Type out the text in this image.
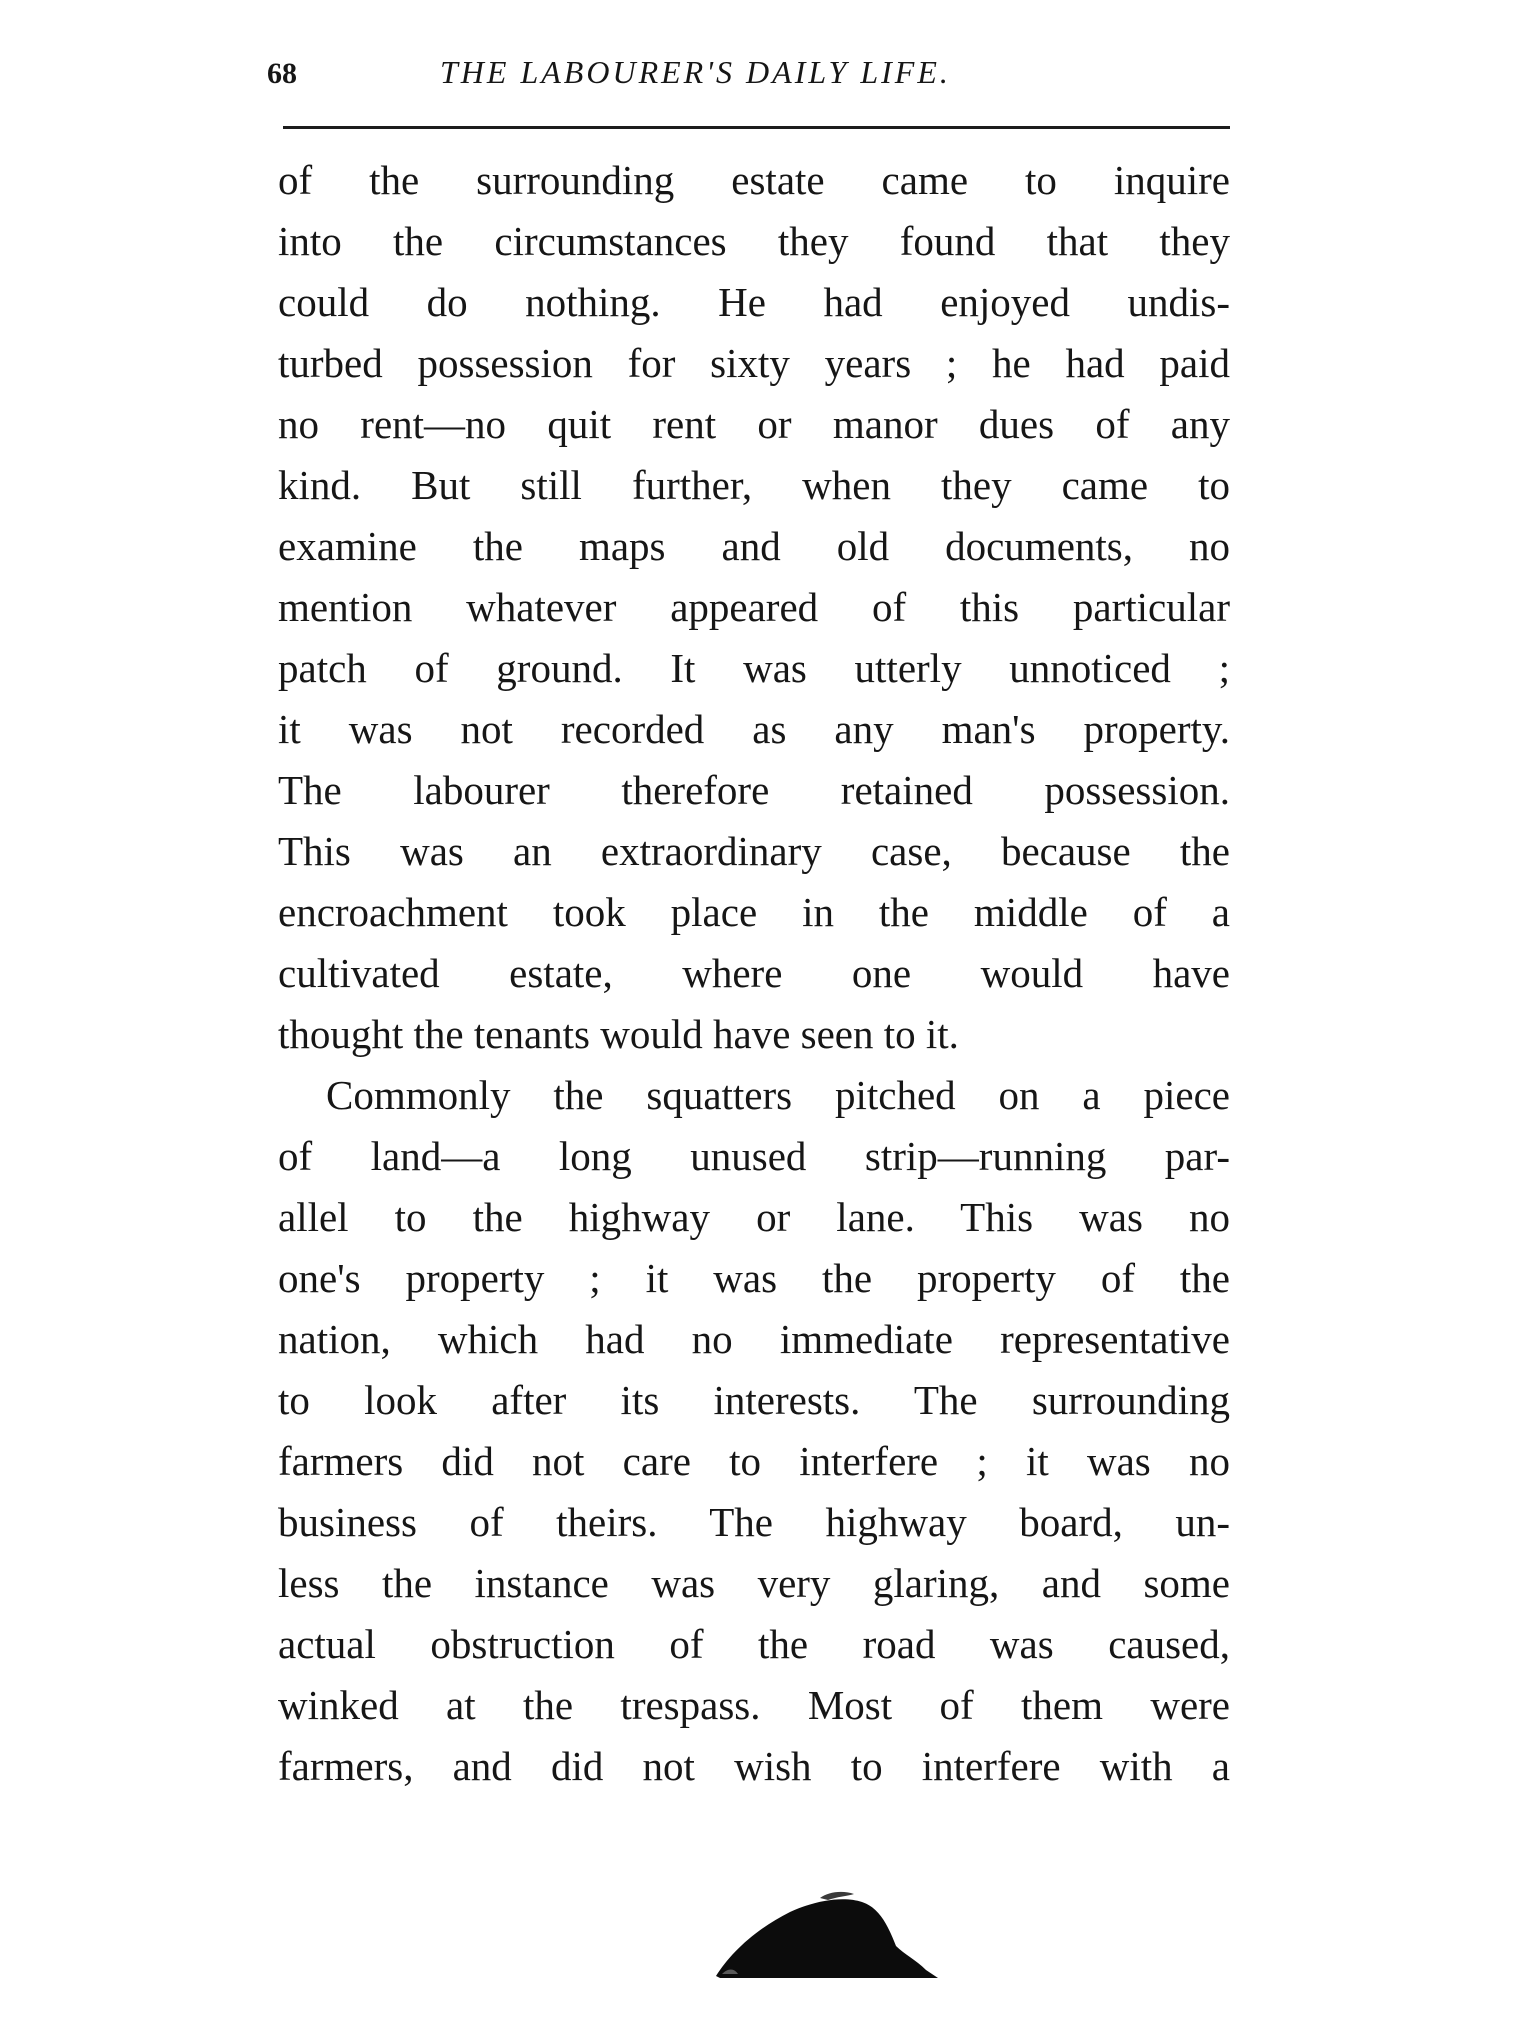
68	THE LABOURER'S DAILY LIFE.
of the surrounding estate came to inquire
into the circumstances they found that they
could do nothing. He had enjoyed undis-
turbed possession for sixty years ; he had paid
no rent—no quit rent or manor dues of any
kind. But still further, when they came to
examine the maps and old documents, no
mention whatever appeared of this particular
patch of ground. It was utterly unnoticed ;
it was not recorded as any man's property.
The labourer therefore retained possession.
This was an extraordinary case, because the
encroachment took place in the middle of a
cultivated estate, where one would have
thought the tenants would have seen to it.
Commonly the squatters pitched on a piece
of land—a long unused strip—running par-
allel to the highway or lane. This was no
one's property ; it was the property of the
nation, which had no immediate representative
to look after its interests. The surrounding
farmers did not care to interfere ; it was no
business of theirs. The highway board, un-
less the instance was very glaring, and some
actual obstruction of the road was caused,
winked at the trespass. Most of them were
farmers, and did not wish to interfere with a
